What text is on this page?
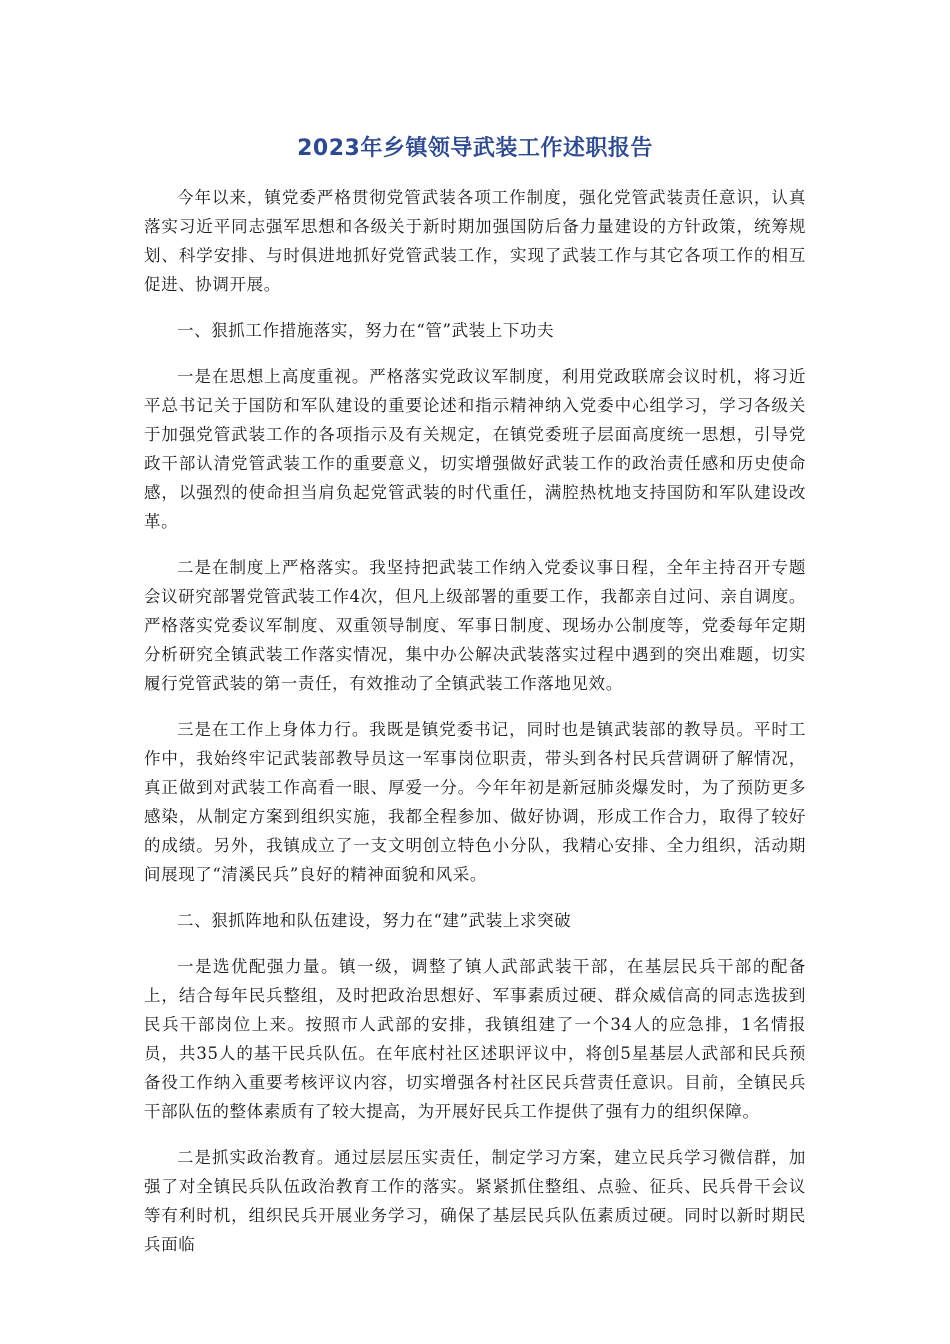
2023年乡镇领导武装工作述职报告

今年以来，镇党委严格贯彻党管武装各项工作制度，强化党管武装责任意识，认真落实习近平同志强军思想和各级关于新时期加强国防后备力量建设的方针政策，统筹规划、科学安排、与时俱进地抓好党管武装工作，实现了武装工作与其它各项工作的相互促进、协调开展。

一、狠抓工作措施落实，努力在“管”武装上下功夫

一是在思想上高度重视。严格落实党政议军制度，利用党政联席会议时机，将习近平总书记关于国防和军队建设的重要论述和指示精神纳入党委中心组学习，学习各级关于加强党管武装工作的各项指示及有关规定，在镇党委班子层面高度统一思想，引导党政干部认清党管武装工作的重要意义，切实增强做好武装工作的政治责任感和历史使命感，以强烈的使命担当肩负起党管武装的时代重任，满腔热枕地支持国防和军队建设改革。

二是在制度上严格落实。我坚持把武装工作纳入党委议事日程，全年主持召开专题会议研究部署党管武装工作4次，但凡上级部署的重要工作，我都亲自过问、亲自调度。严格落实党委议军制度、双重领导制度、军事日制度、现场办公制度等，党委每年定期分析研究全镇武装工作落实情况，集中办公解决武装落实过程中遇到的突出难题，切实履行党管武装的第一责任，有效推动了全镇武装工作落地见效。

三是在工作上身体力行。我既是镇党委书记，同时也是镇武装部的教导员。平时工作中，我始终牢记武装部教导员这一军事岗位职责，带头到各村民兵营调研了解情况，真正做到对武装工作高看一眼、厚爱一分。今年年初是新冠肺炎爆发时，为了预防更多感染，从制定方案到组织实施，我都全程参加、做好协调，形成工作合力，取得了较好的成绩。另外，我镇成立了一支文明创立特色小分队，我精心安排、全力组织，活动期间展现了“清溪民兵”良好的精神面貌和风采。

二、狠抓阵地和队伍建设，努力在“建”武装上求突破

一是选优配强力量。镇一级，调整了镇人武部武装干部，在基层民兵干部的配备上，结合每年民兵整组，及时把政治思想好、军事素质过硬、群众威信高的同志选拔到民兵干部岗位上来。按照市人武部的安排，我镇组建了一个34人的应急排，1名情报员，共35人的基干民兵队伍。在年底村社区述职评议中，将创5星基层人武部和民兵预备役工作纳入重要考核评议内容，切实增强各村社区民兵营责任意识。目前，全镇民兵干部队伍的整体素质有了较大提高，为开展好民兵工作提供了强有力的组织保障。

二是抓实政治教育。通过层层压实责任，制定学习方案，建立民兵学习微信群，加强了对全镇民兵队伍政治教育工作的落实。紧紧抓住整组、点验、征兵、民兵骨干会议等有利时机，组织民兵开展业务学习，确保了基层民兵队伍素质过硬。同时以新时期民兵面临
